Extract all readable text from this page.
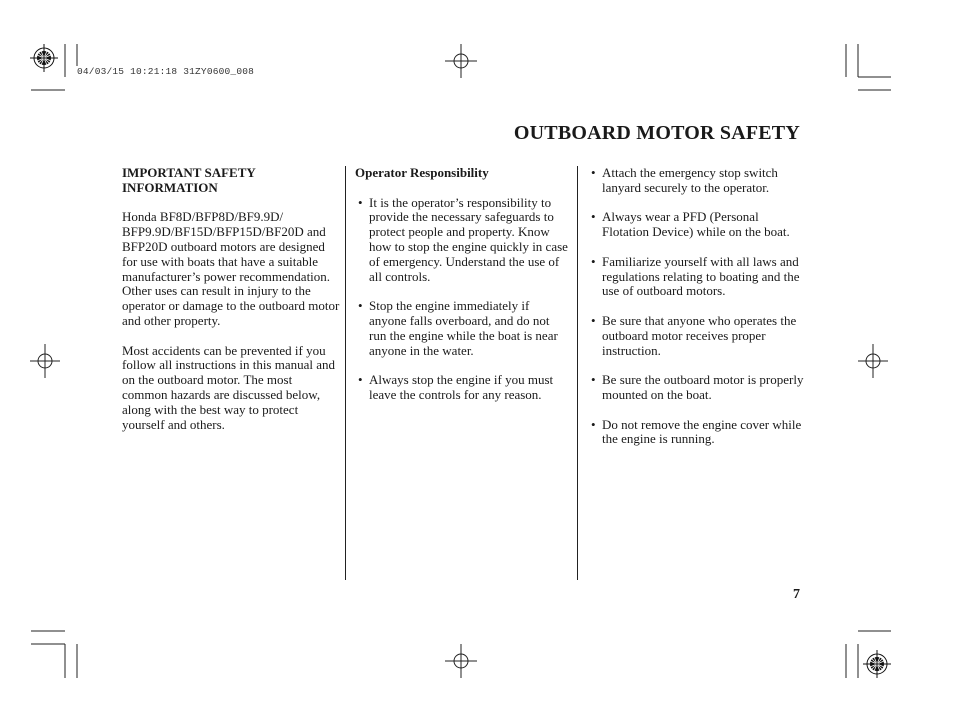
04/03/15 10:21:18 31ZY0600_008
OUTBOARD MOTOR SAFETY
IMPORTANT SAFETY
INFORMATION

Honda BF8D/BFP8D/BF9.9D/ BFP9.9D/BF15D/BFP15D/BF20D and BFP20D outboard motors are designed for use with boats that have a suitable manufacturer’s power recommendation. Other uses can result in injury to the operator or damage to the outboard motor and other property.

Most accidents can be prevented if you follow all instructions in this manual and on the outboard motor. The most common hazards are discussed below, along with the best way to protect yourself and others.

Operator Responsibility
• It is the operator’s responsibility to provide the necessary safeguards to protect people and property. Know how to stop the engine quickly in case of emergency. Understand the use of all controls.
• Stop the engine immediately if anyone falls overboard, and do not run the engine while the boat is near anyone in the water.
• Always stop the engine if you must leave the controls for any reason.
• Attach the emergency stop switch lanyard securely to the operator.
• Always wear a PFD (Personal Flotation Device) while on the boat.
• Familiarize yourself with all laws and regulations relating to boating and the use of outboard motors.
• Be sure that anyone who operates the outboard motor receives proper instruction.
• Be sure the outboard motor is properly mounted on the boat.
• Do not remove the engine cover while the engine is running.
7
